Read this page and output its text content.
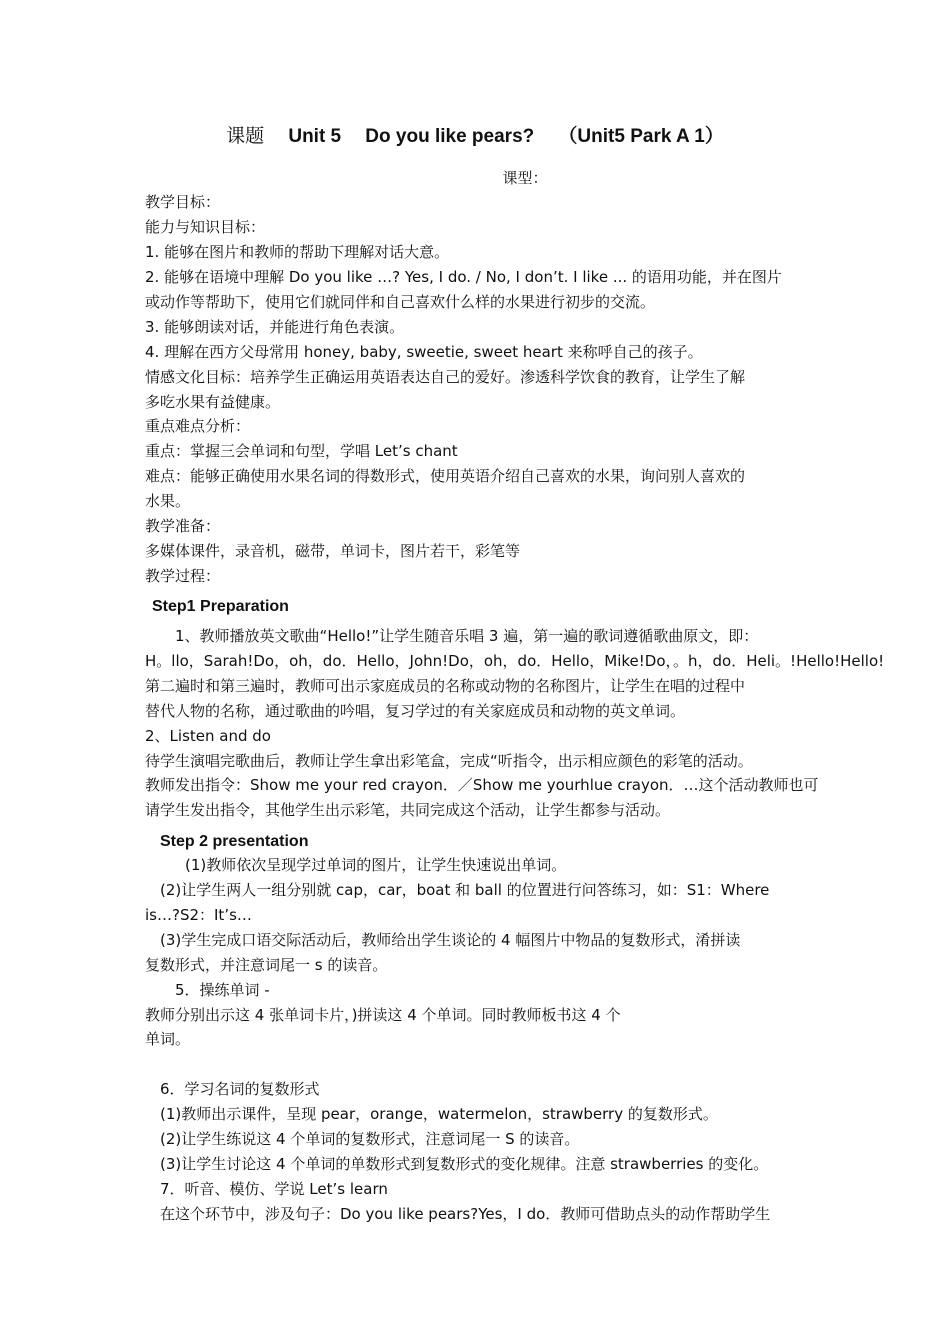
课题 Unit 5 Do you like pears? （Unit5 Park A 1）
课型：
教学目标：
能力与知识目标：
1. 能够在图片和教师的帮助下理解对话大意。
2. 能够在语境中理解 Do you like …? Yes, I do. / No, I don’t. I like ... 的语用功能，并在图片
或动作等帮助下，使用它们就同伴和自己喜欢什么样的水果进行初步的交流。
3. 能够朗读对话，并能进行角色表演。
4. 理解在西方父母常用 honey, baby, sweetie, sweet heart 来称呼自己的孩子。
情感文化目标：培养学生正确运用英语表达自己的爱好。渗透科学饮食的教育，让学生了解
多吃水果有益健康。
重点难点分析：
重点：掌握三会单词和句型，学唱 Let’s chant
难点：能够正确使用水果名词的得数形式，使用英语介绍自己喜欢的水果，询问别人喜欢的
水果。
教学准备：
多媒体课件，录音机，磁带，单词卡，图片若干，彩笔等
教学过程：
Step1 Preparation
1、教师播放英文歌曲“Hello!”让学生随音乐唱 3 遍，第一遍的歌词遵循歌曲原文，即：
H。llo，Sarah!Do，oh，do．Hello，John!Do，oh，do．Hello，Mike!Do，。h，do．Heli。!Hello!Hello!
第二遍时和第三遍时，教师可出示家庭成员的名称或动物的名称图片，让学生在唱的过程中
替代人物的名称，通过歌曲的吟唱，复习学过的有关家庭成员和动物的英文单词。
2、Listen and do
待学生演唱完歌曲后，教师让学生拿出彩笔盒，完成“听指令，出示相应颜色的彩笔的活动。
教师发出指令：Show me your red crayon．／Show me yourhlue crayon．…这个活动教师也可
请学生发出指令，其他学生出示彩笔，共同完成这个活动，让学生都参与活动。
Step 2 presentation
(1)教师依次呈现学过单词的图片，让学生快速说出单词。
(2)让学生两人一组分别就 cap，car，boat 和 ball 的位置进行问答练习，如：S1：Where
is…?S2：It’s…
(3)学生完成口语交际活动后，教师给出学生谈论的 4 幅图片中物品的复数形式，淆拼读
复数形式，并注意词尾一 s 的读音。
5．操练单词 -
教师分别出示这 4 张单词卡片，)拼读这 4 个单词。同时教师板书这 4 个
单词。
6．学习名词的复数形式
(1)教师出示课件，呈现 pear，orange，watermelon，strawberry 的复数形式。
(2)让学生练说这 4 个单词的复数形式，注意词尾一 S 的读音。
(3)让学生讨论这 4 个单词的单数形式到复数形式的变化规律。注意 strawberries 的变化。
7．听音、模仿、学说 Let’s learn
在这个环节中，涉及句子：Do you like pears?Yes，I do．教师可借助点头的动作帮助学生
